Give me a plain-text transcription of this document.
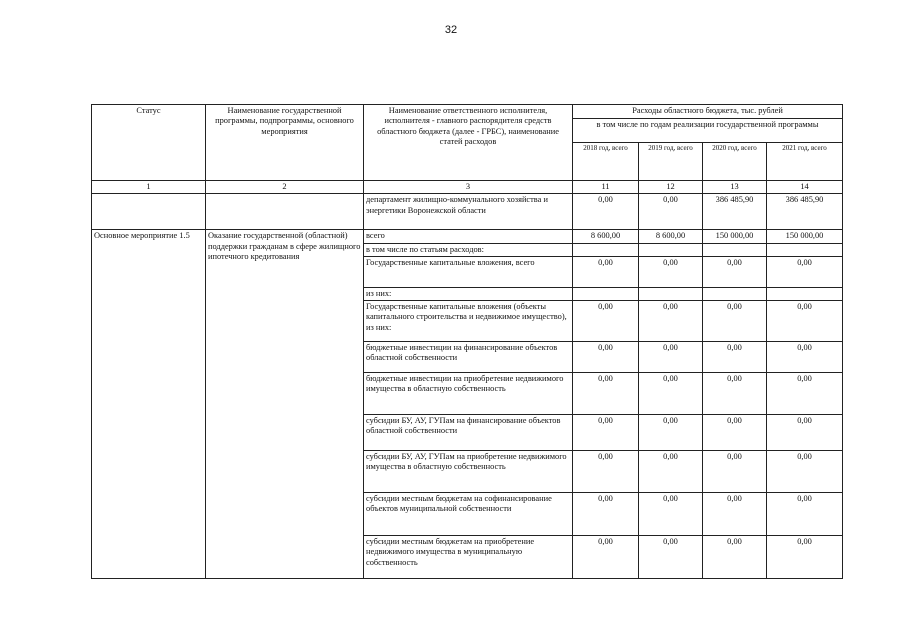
32
Статус	Наименование государственной программы, подпрограммы, основного мероприятия	Наименование ответственного исполнителя, исполнителя - главного распорядителя средств областного бюджета (далее - ГРБС), наименование статей расходов	Расходы областного бюджета, тыс. рублей			
			в том числе по годам реализации государственной программы			
			2018 год, всего	2019 год, всего	2020 год, всего	2021 год, всего
1	2	3	11	12	13	14
		департамент жилищно-коммунального хозяйства и энергетики Воронежской области	0,00	0,00	386 485,90	386 485,90
Основное мероприятие 1.5	Оказание государственной (областной) поддержки гражданам в сфере жилищного ипотечного кредитования	всего	8 600,00	8 600,00	150 000,00	150 000,00
		в том числе по статьям расходов:				
		Государственные капитальные вложения, всего	0,00	0,00	0,00	0,00
		из них:				
		Государственные капитальные вложения (объекты капитального строительства и недвижимое имущество), из них:	0,00	0,00	0,00	0,00
		бюджетные инвестиции на финансирование объектов областной собственности	0,00	0,00	0,00	0,00
		бюджетные инвестиции на приобретение недвижимого имущества в областную собственность	0,00	0,00	0,00	0,00
		субсидии БУ, АУ, ГУПам на финансирование объектов областной собственности	0,00	0,00	0,00	0,00
		субсидии БУ, АУ, ГУПам на приобретение недвижимого имущества в областную собственность	0,00	0,00	0,00	0,00
		субсидии местным бюджетам на софинансирование объектов муниципальной собственности	0,00	0,00	0,00	0,00
		субсидии местным бюджетам на приобретение недвижимого имущества в муниципальную собственность	0,00	0,00	0,00	0,00
